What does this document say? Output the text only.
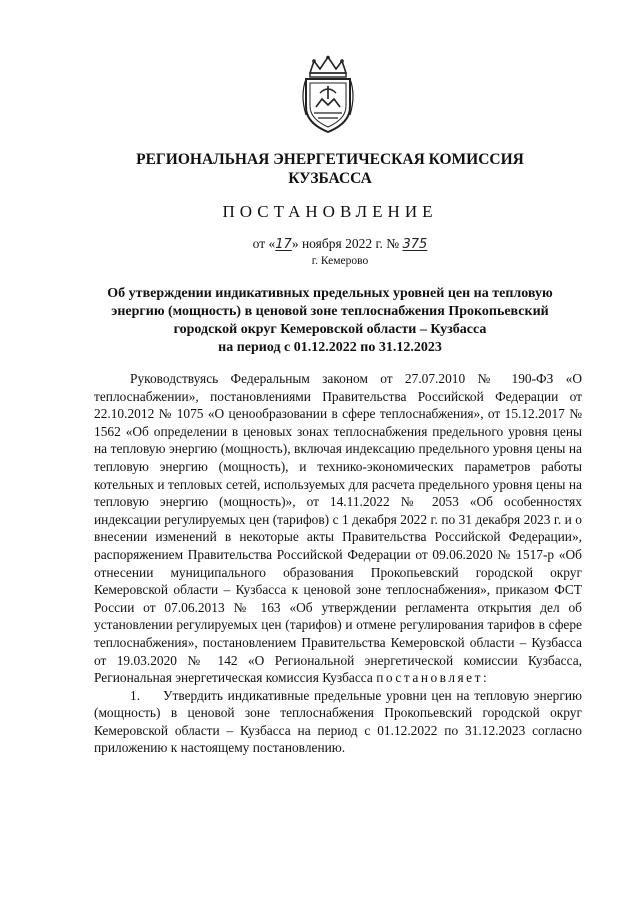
РЕГИОНАЛЬНАЯ ЭНЕРГЕТИЧЕСКАЯ КОМИССИЯ
КУЗБАССА
ПОСТАНОВЛЕНИЕ
от «17» ноября 2022 г. № 375
г. Кемерово
Об утверждении индикативных предельных уровней цен на тепловую
энергию (мощность) в ценовой зоне теплоснабжения Прокопьевский
городской округ Кемеровской области – Кузбасса
на период с 01.12.2022 по 31.12.2023

Руководствуясь Федеральным законом от 27.07.2010 № 190-ФЗ «О теплоснабжении», постановлениями Правительства Российской Федерации от 22.10.2012 № 1075 «О ценообразовании в сфере теплоснабжения», от 15.12.2017 № 1562 «Об определении в ценовых зонах теплоснабжения предельного уровня цены на тепловую энергию (мощность), включая индексацию предельного уровня цены на тепловую энергию (мощность), и технико-экономических параметров работы котельных и тепловых сетей, используемых для расчета предельного уровня цены на тепловую энергию (мощность)», от 14.11.2022 № 2053 «Об особенностях индексации регулируемых цен (тарифов) с 1 декабря 2022 г. по 31 декабря 2023 г. и о внесении изменений в некоторые акты Правительства Российской Федерации», распоряжением Правительства Российской Федерации от 09.06.2020 № 1517-р «Об отнесении муниципального образования Прокопьевский городской округ Кемеровской области – Кузбасса к ценовой зоне теплоснабжения», приказом ФСТ России от 07.06.2013 № 163 «Об утверждении регламента открытия дел об установлении регулируемых цен (тарифов) и отмене регулирования тарифов в сфере теплоснабжения», постановлением Правительства Кемеровской области – Кузбасса от 19.03.2020 № 142 «О Региональной энергетической комиссии Кузбасса, Региональная энергетическая комиссия Кузбасса постановляет:

1. Утвердить индикативные предельные уровни цен на тепловую энергию (мощность) в ценовой зоне теплоснабжения Прокопьевский городской округ Кемеровской области – Кузбасса на период с 01.12.2022 по 31.12.2023 согласно приложению к настоящему постановлению.
